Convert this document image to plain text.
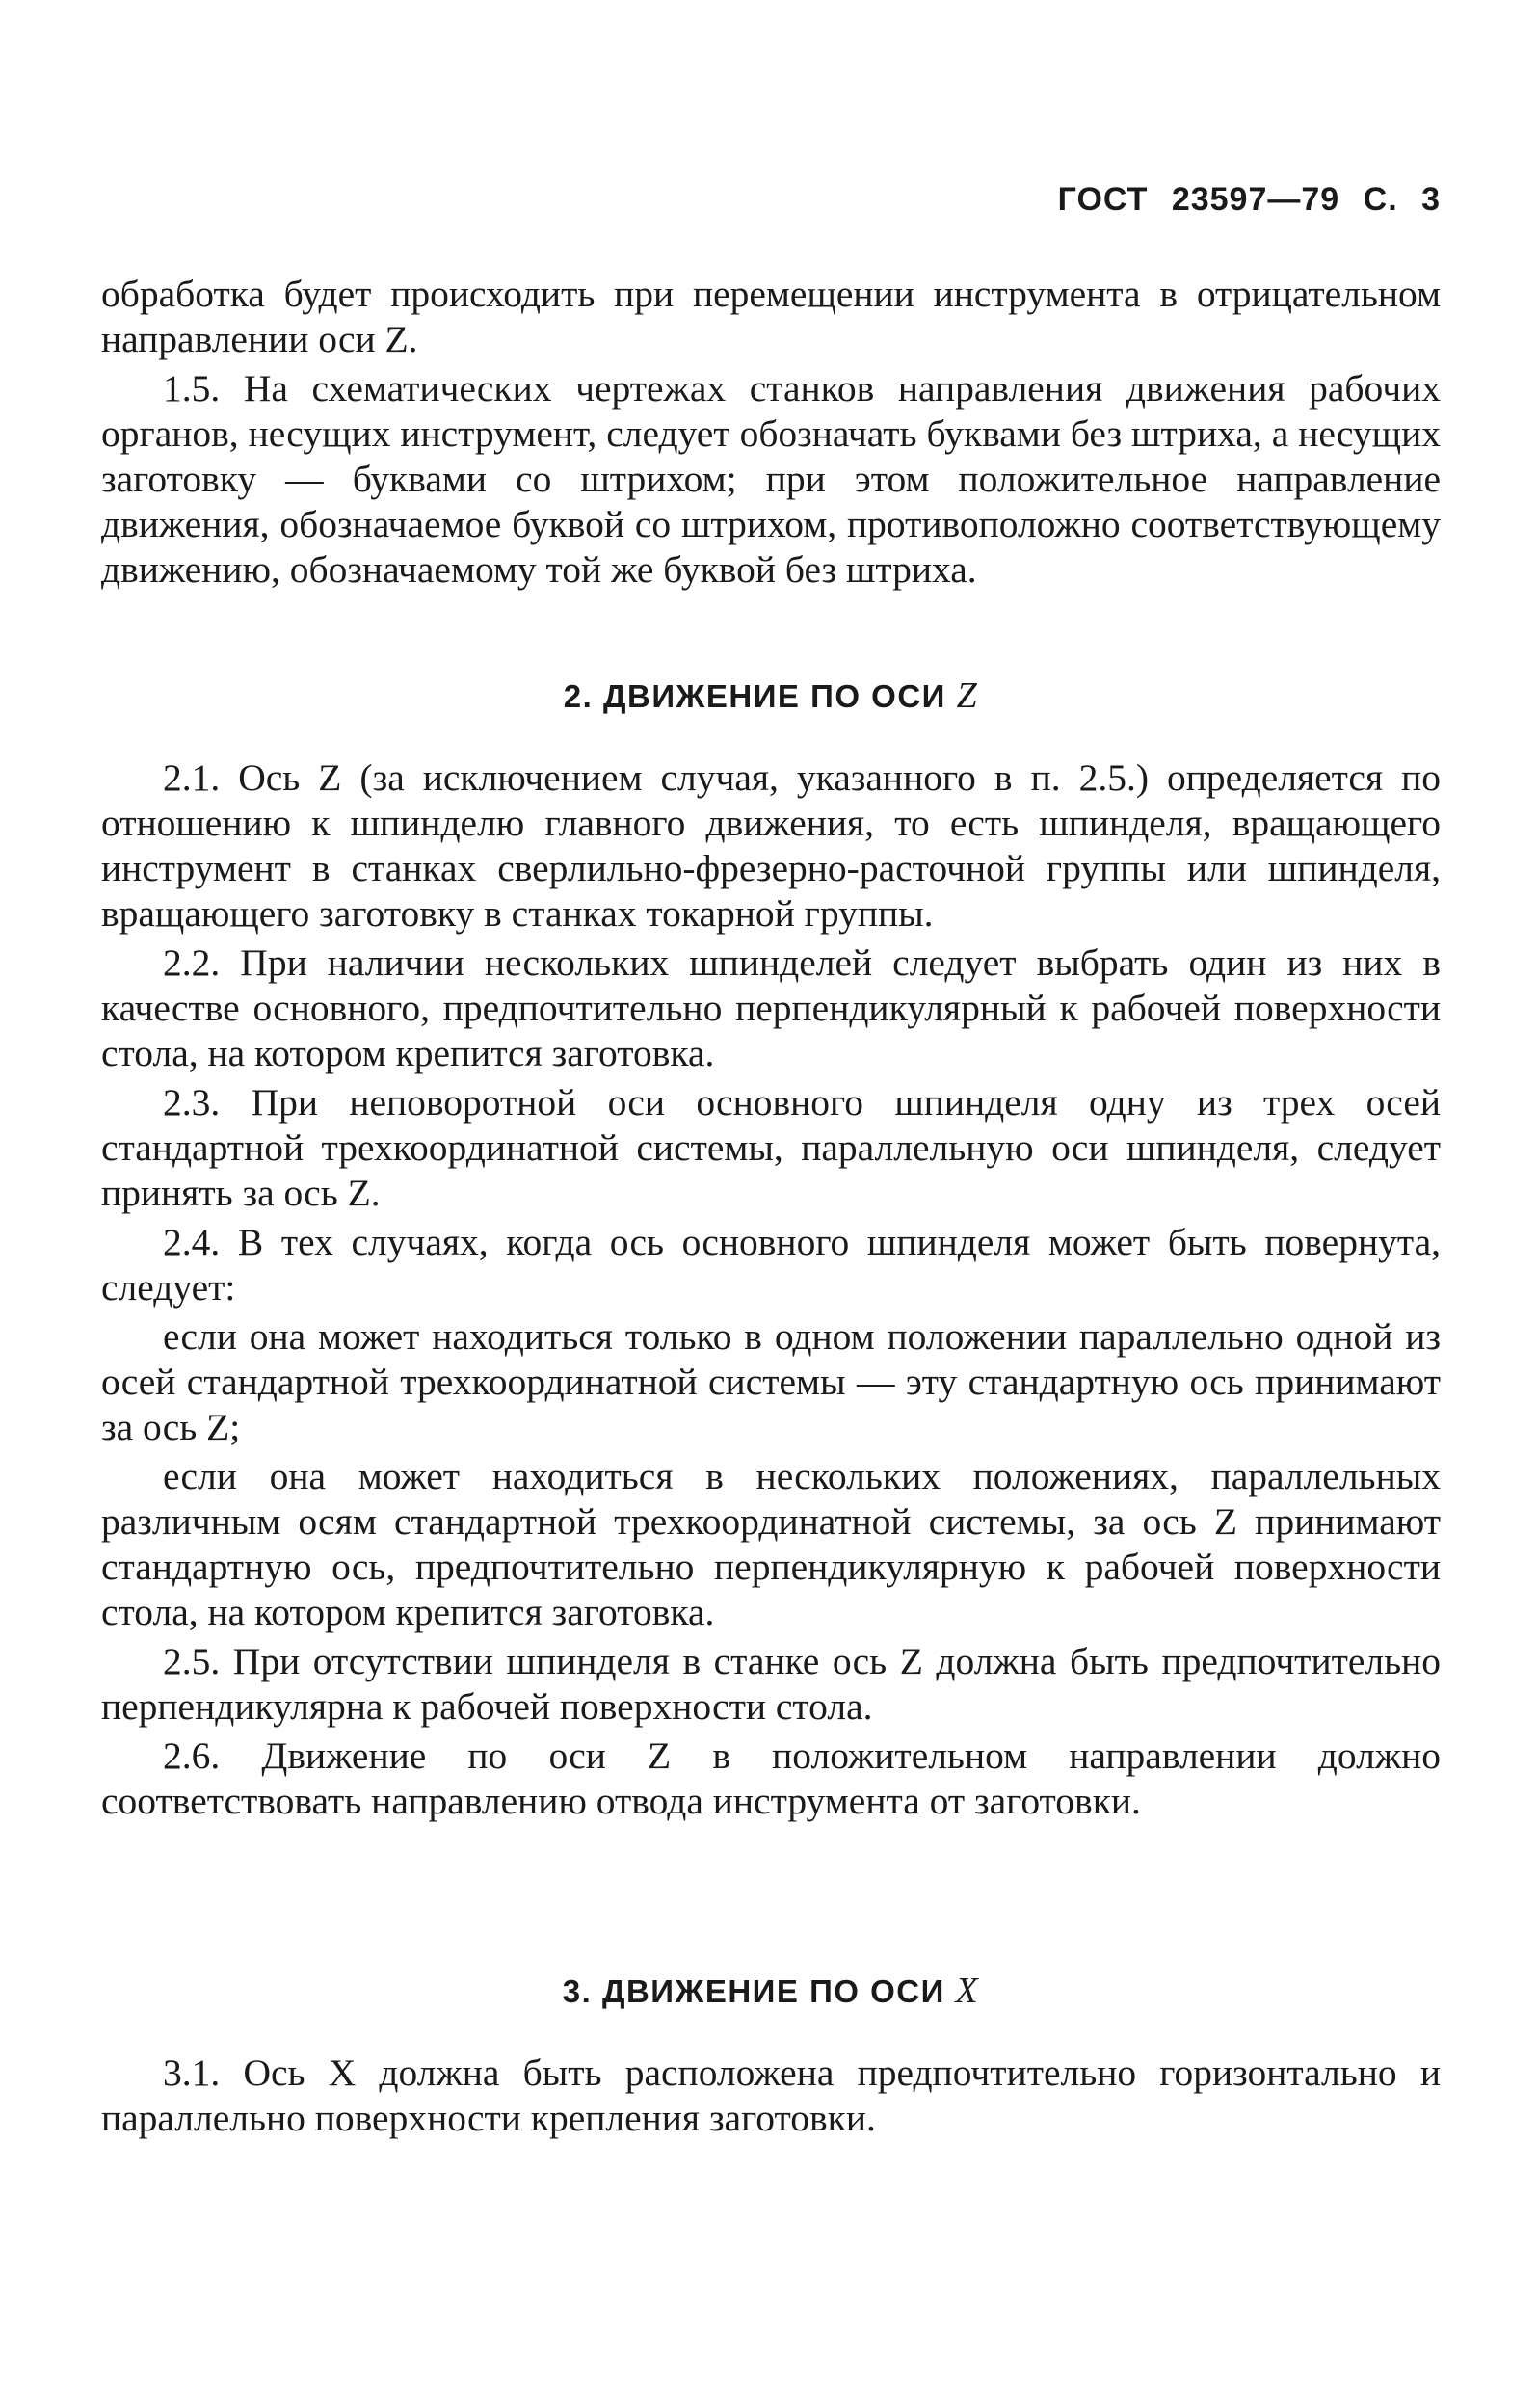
ГОСТ 23597—79 С. 3

обработка будет происходить при перемещении инструмента в отрицательном направлении оси Z.

1.5. На схематических чертежах станков направления движения рабочих органов, несущих инструмент, следует обозначать буквами без штриха, а несущих заготовку — буквами со штрихом; при этом положительное направление движения, обозначаемое буквой со штрихом, противоположно соответствующему движению, обозначаемому той же буквой без штриха.

2. ДВИЖЕНИЕ ПО ОСИ Z

2.1. Ось Z (за исключением случая, указанного в п. 2.5.) определяется по отношению к шпинделю главного движения, то есть шпинделя, вращающего инструмент в станках сверлильно-фрезерно-расточной группы или шпинделя, вращающего заготовку в станках токарной группы.

2.2. При наличии нескольких шпинделей следует выбрать один из них в качестве основного, предпочтительно перпендикулярный к рабочей поверхности стола, на котором крепится заготовка.

2.3. При неповоротной оси основного шпинделя одну из трех осей стандартной трехкоординатной системы, параллельную оси шпинделя, следует принять за ось Z.

2.4. В тех случаях, когда ось основного шпинделя может быть повернута, следует:

если она может находиться только в одном положении параллельно одной из осей стандартной трехкоординатной системы — эту стандартную ось принимают за ось Z;

если она может находиться в нескольких положениях, параллельных различным осям стандартной трехкоординатной системы, за ось Z принимают стандартную ось, предпочтительно перпендикулярную к рабочей поверхности стола, на котором крепится заготовка.

2.5. При отсутствии шпинделя в станке ось Z должна быть предпочтительно перпендикулярна к рабочей поверхности стола.

2.6. Движение по оси Z в положительном направлении должно соответствовать направлению отвода инструмента от заготовки.

3. ДВИЖЕНИЕ ПО ОСИ X

3.1. Ось X должна быть расположена предпочтительно горизонтально и параллельно поверхности крепления заготовки.
